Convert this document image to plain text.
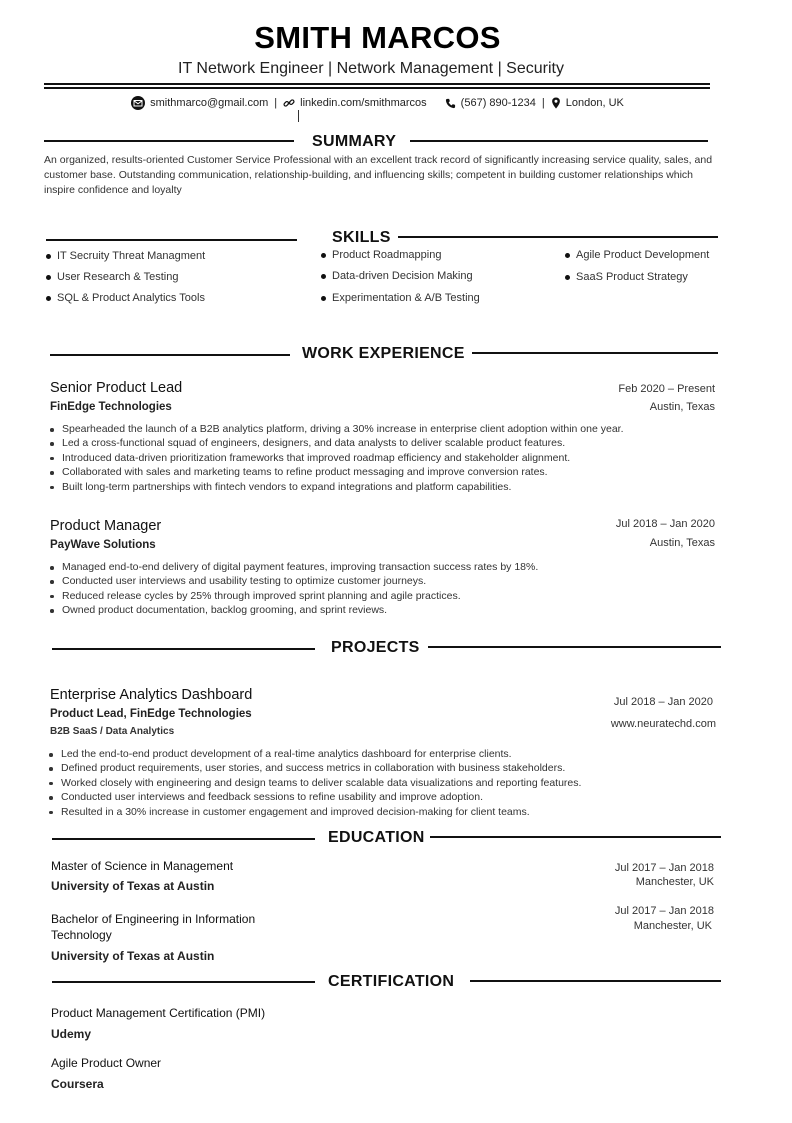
SMITH MARCOS
IT Network Engineer | Network Management | Security
smithmarco@gmail.com | linkedin.com/smithmarcos	(567) 890-1234 | London, UK
SUMMARY
An organized, results-oriented Customer Service Professional with an excellent track record of significantly increasing service quality, sales, and customer base. Outstanding communication, relationship-building, and influencing skills; competent in building customer relationships which inspire confidence and loyalty
SKILLS
IT Secruity Threat Managment
User Research & Testing
SQL & Product Analytics Tools
Product Roadmapping
Data-driven Decision Making
Experimentation & A/B Testing
Agile Product Development
SaaS Product Strategy
WORK EXPERIENCE
Senior Product Lead
FinEdge Technologies
Feb 2020 – Present
Austin, Texas
Spearheaded the launch of a B2B analytics platform, driving a 30% increase in enterprise client adoption within one year.
Led a cross-functional squad of engineers, designers, and data analysts to deliver scalable product features.
Introduced data-driven prioritization frameworks that improved roadmap efficiency and stakeholder alignment.
Collaborated with sales and marketing teams to refine product messaging and improve conversion rates.
Built long-term partnerships with fintech vendors to expand integrations and platform capabilities.
Product Manager
PayWave Solutions
Jul 2018 – Jan 2020
Austin, Texas
Managed end-to-end delivery of digital payment features, improving transaction success rates by 18%.
Conducted user interviews and usability testing to optimize customer journeys.
Reduced release cycles by 25% through improved sprint planning and agile practices.
Owned product documentation, backlog grooming, and sprint reviews.
PROJECTS
Enterprise Analytics Dashboard
Product Lead, FinEdge Technologies
B2B SaaS / Data Analytics
Jul 2018 – Jan 2020
www.neuratechd.com
Led the end-to-end product development of a real-time analytics dashboard for enterprise clients.
Defined product requirements, user stories, and success metrics in collaboration with business stakeholders.
Worked closely with engineering and design teams to deliver scalable data visualizations and reporting features.
Conducted user interviews and feedback sessions to refine usability and improve adoption.
Resulted in a 30% increase in customer engagement and improved decision-making for client teams.
EDUCATION
Master of Science in Management
University of Texas at Austin
Jul 2017 – Jan 2018
Manchester, UK
Bachelor of Engineering in Information Technology
University of Texas at Austin
Jul 2017 – Jan 2018
Manchester, UK
CERTIFICATION
Product Management Certification (PMI)
Udemy
Agile Product Owner
Coursera
